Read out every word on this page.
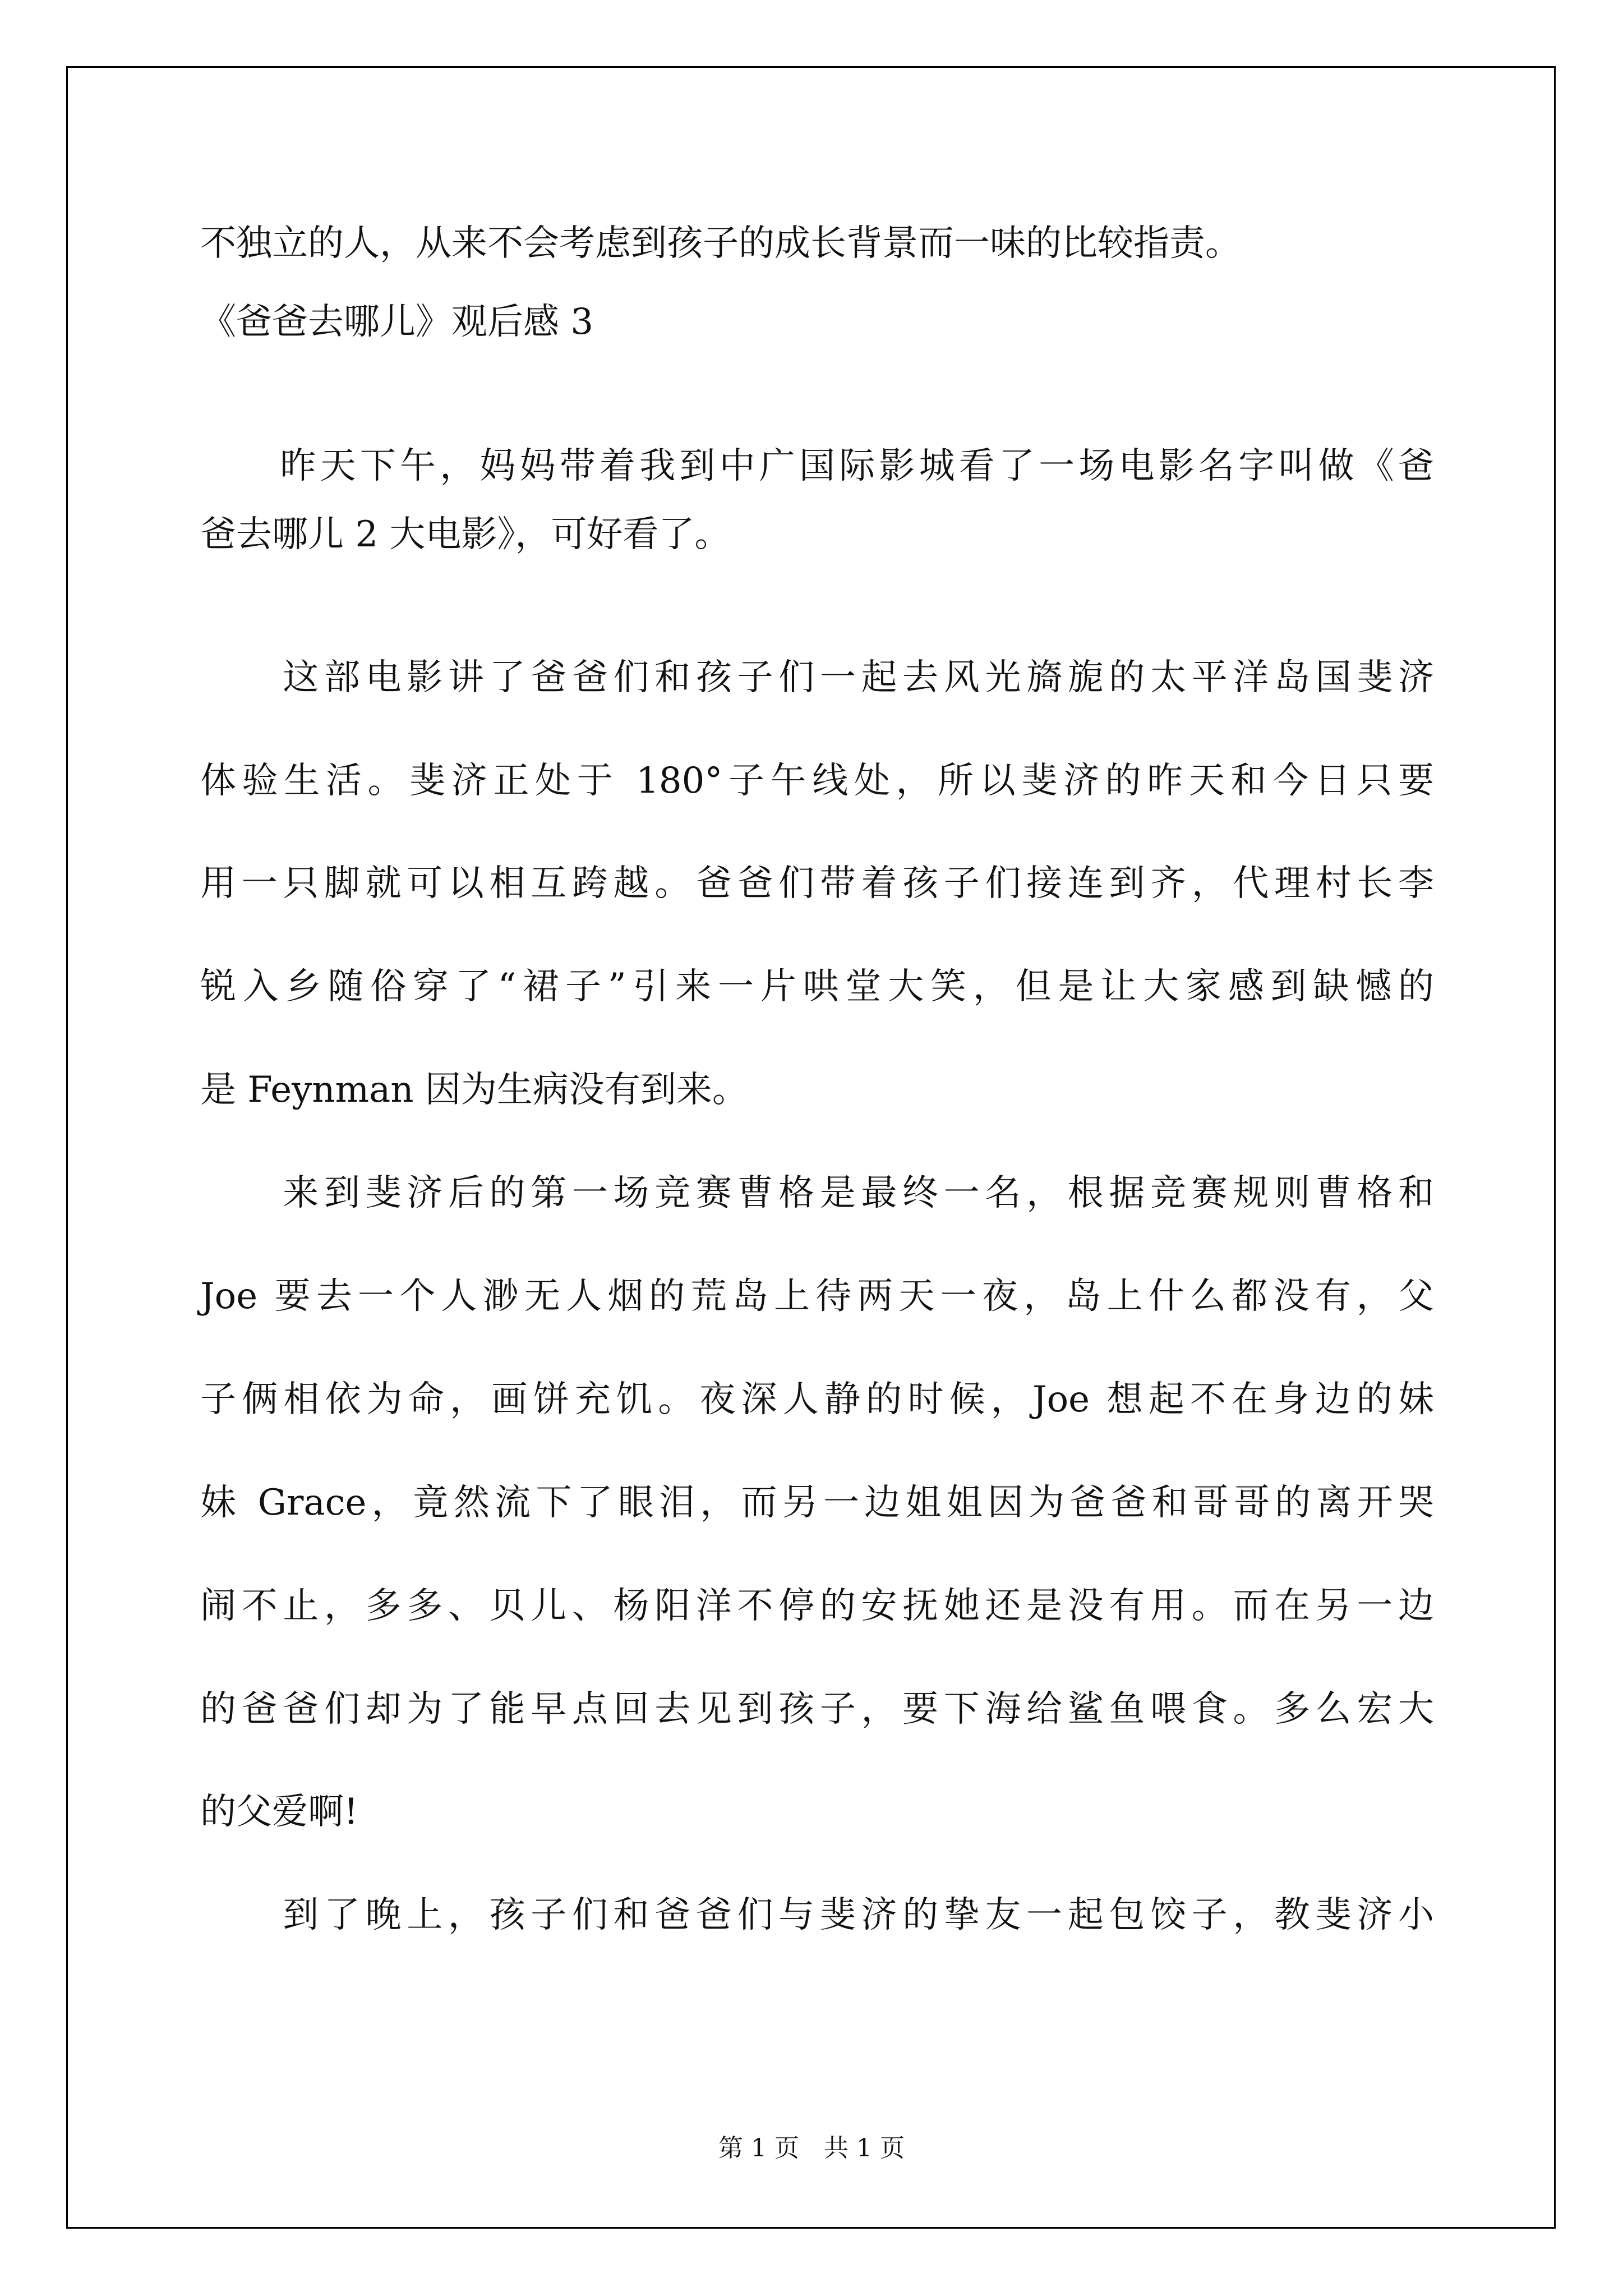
不独立的人，从来不会考虑到孩子的成长背景而一味的比较指责。

《爸爸去哪儿》观后感 3

　　昨天下午，妈妈带着我到中广国际影城看了一场电影名字叫做《爸

爸去哪儿 2 大电影》，可好看了。

　　这部电影讲了爸爸们和孩子们一起去风光旖旎的太平洋岛国斐济

体验生活。斐济正处于 180°子午线处，所以斐济的昨天和今日只要

用一只脚就可以相互跨越。爸爸们带着孩子们接连到齐，代理村长李

锐入乡随俗穿了“裙子”引来一片哄堂大笑，但是让大家感到缺憾的

是 Feynman 因为生病没有到来。

　　来到斐济后的第一场竞赛曹格是最终一名，根据竞赛规则曹格和

Joe 要去一个人渺无人烟的荒岛上待两天一夜，岛上什么都没有，父

子俩相依为命，画饼充饥。夜深人静的时候，Joe 想起不在身边的妹

妹 Grace，竟然流下了眼泪，而另一边姐姐因为爸爸和哥哥的离开哭

闹不止，多多、贝儿、杨阳洋不停的安抚她还是没有用。而在另一边

的爸爸们却为了能早点回去见到孩子，要下海给鲨鱼喂食。多么宏大

的父爱啊!

　　到了晚上，孩子们和爸爸们与斐济的挚友一起包饺子，教斐济小

第 1 页　共 1 页
